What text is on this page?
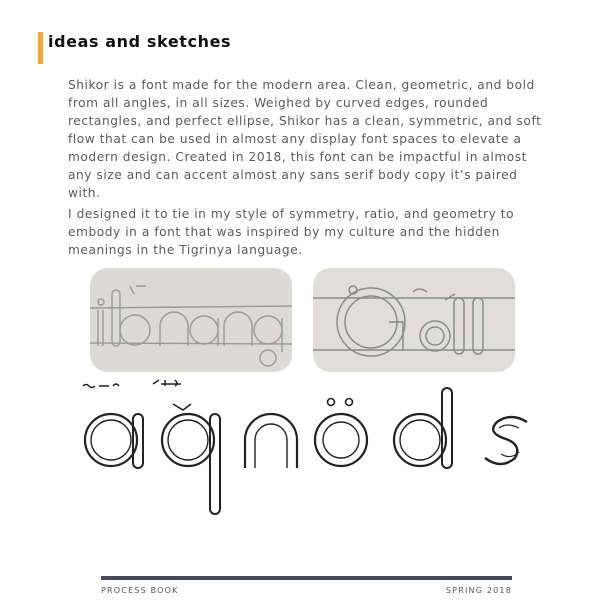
ideas and sketches

Shikor is a font made for the modern area. Clean, geometric, and bold from all angles, in all sizes. Weighed by curved edges, rounded rectangles, and perfect ellipse, Shikor has a clean, symmetric, and soft flow that can be used in almost any display font spaces to elevate a modern design. Created in 2018, this font can be impactful in almost any size and can accent almost any sans serif body copy it’s paired with.

I designed it to tie in my style of symmetry, ratio, and geometry to embody in a font that was inspired by my culture and the hidden meanings in the Tigrinya language.

PROCESS BOOK	SPRING 2018
